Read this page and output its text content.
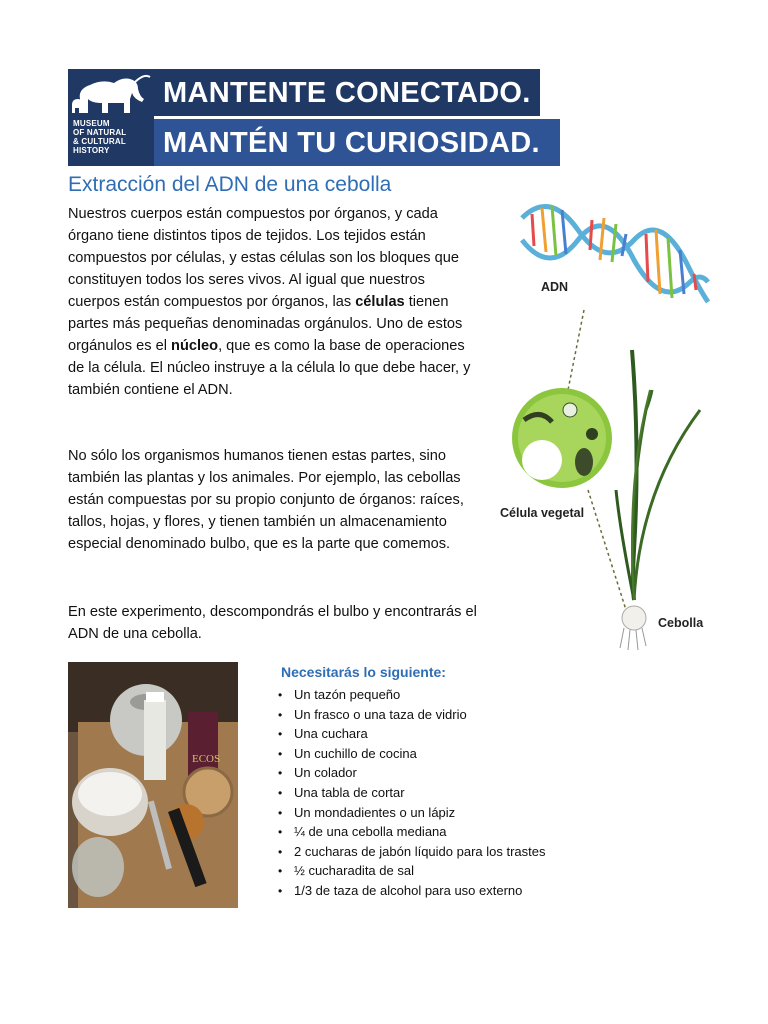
MUSEUM
OF NATURAL
& CULTURAL
HISTORY
MANTENTE CONECTADO.
MANTÉN TU CURIOSIDAD.
Extracción del ADN de una cebolla

Nuestros cuerpos están compuestos por órganos, y cada órgano tiene distintos tipos de tejidos. Los tejidos están compuestos por células, y estas células son los bloques que constituyen todos los seres vivos. Al igual que nuestros cuerpos están compuestos por órganos, las células tienen partes más pequeñas denominadas orgánulos. Uno de estos orgánulos es el núcleo, que es como la base de operaciones de la célula. El núcleo instruye a la célula lo que debe hacer, y también contiene el ADN.

No sólo los organismos humanos tienen estas partes, sino también las plantas y los animales. Por ejemplo, las cebollas están compuestas por su propio conjunto de órganos: raíces, tallos, hojas, y flores, y tienen también un almacenamiento especial denominado bulbo, que es la parte que comemos.

En este experimento, descompondrás el bulbo y encontrarás el ADN de una cebolla.

ADN
Célula vegetal
Cebolla
ECOS
Necesitarás lo siguiente:
• Un tazón pequeño
• Un frasco o una taza de vidrio
• Una cuchara
• Un cuchillo de cocina
• Un colador
• Una tabla de cortar
• Un mondadientes o un lápiz
• ¼ de una cebolla mediana
• 2 cucharas de jabón líquido para los trastes
• ½ cucharadita de sal
• 1/3 de taza de alcohol para uso externo
